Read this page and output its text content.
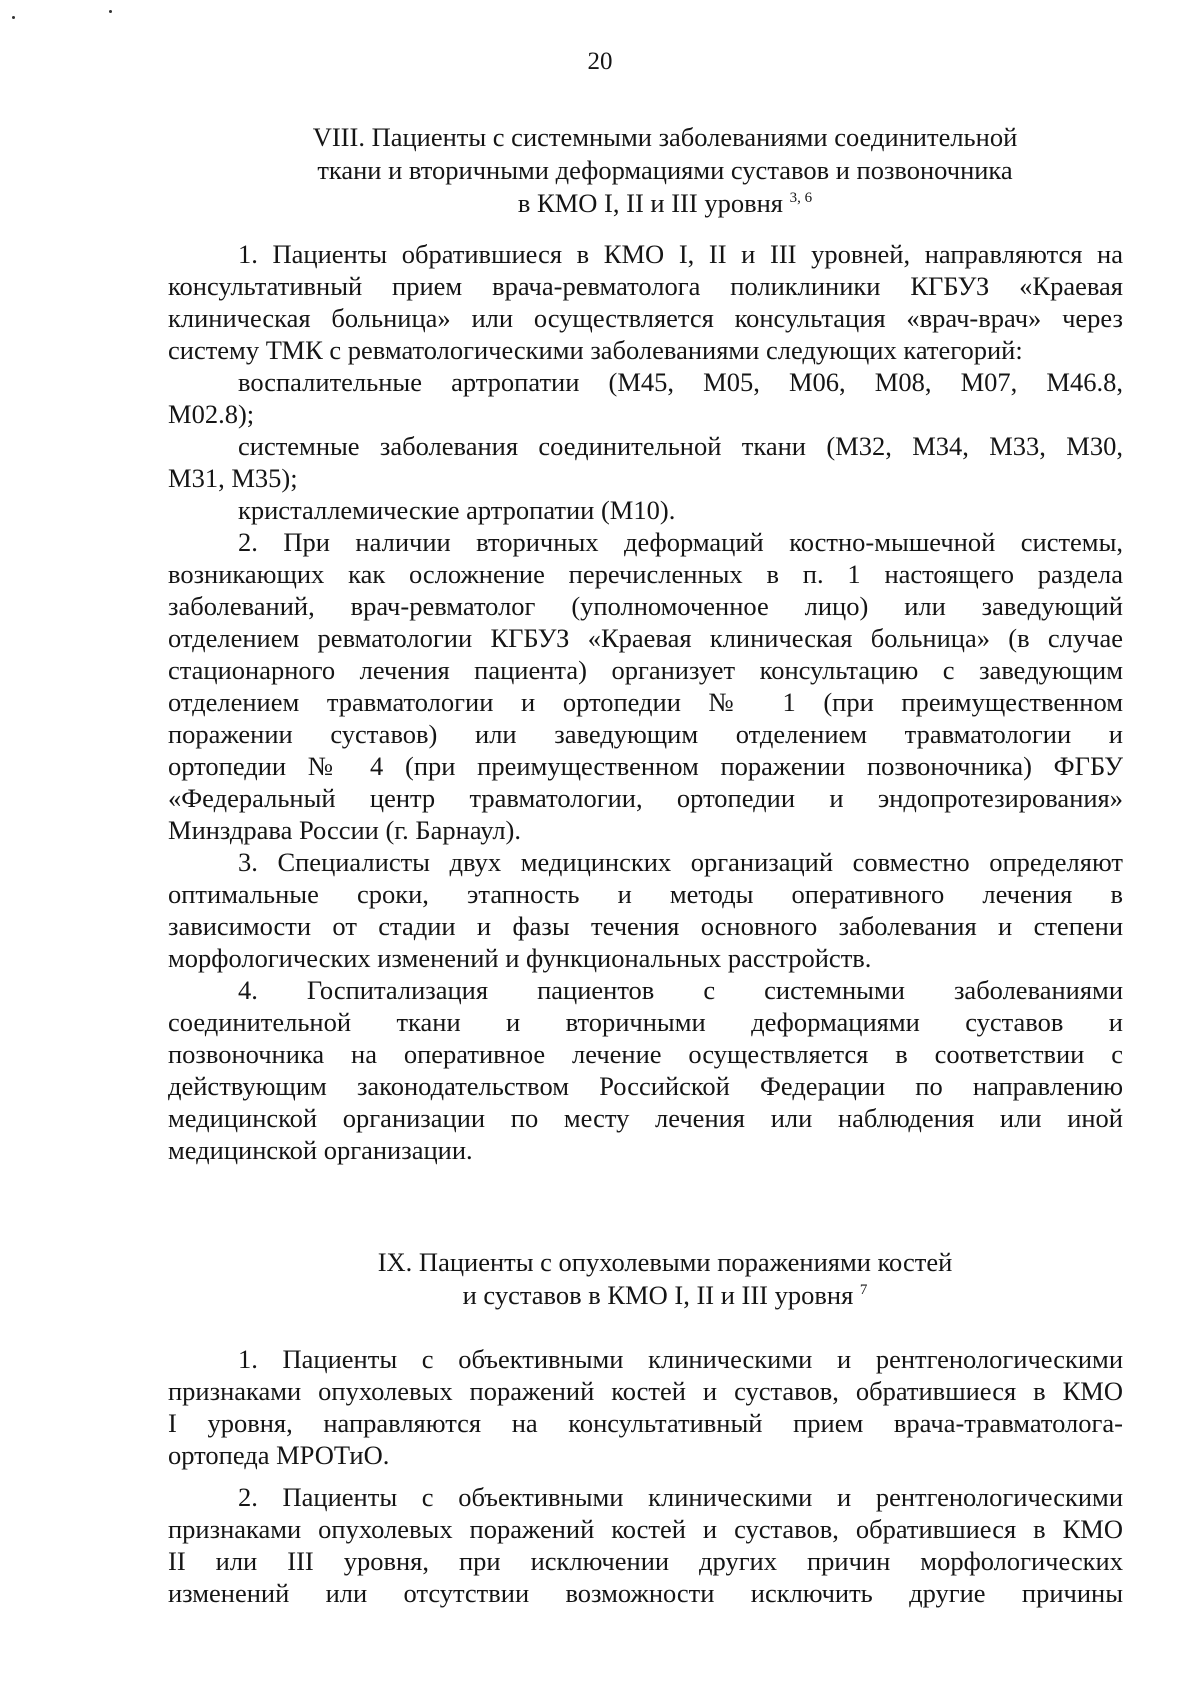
20
VIII. Пациенты с системными заболеваниями соединительной
ткани и вторичными деформациями суставов и позвоночника
в КМО I, II и III уровня $^{3, 6}$
1. Пациенты обратившиеся в КМО I, II и III уровней, направляются на
консультативный прием врача-ревматолога поликлиники КГБУЗ «Краевая
клиническая больница» или осуществляется консультация «врач-врач» через
систему ТМК с ревматологическими заболеваниями следующих категорий:
воспалительные артропатии (М45, М05, М06, М08, М07, М46.8,
М02.8);
системные заболевания соединительной ткани (М32, М34, М33, М30,
М31, М35);
кристаллемические артропатии (М10).
2. При наличии вторичных деформаций костно-мышечной системы,
возникающих как осложнение перечисленных в п. 1 настоящего раздела
заболеваний, врач-ревматолог (уполномоченное лицо) или заведующий
отделением ревматологии КГБУЗ «Краевая клиническая больница» (в случае
стационарного лечения пациента) организует консультацию с заведующим
отделением травматологии и ортопедии № 1 (при преимущественном
поражении суставов) или заведующим отделением травматологии и
ортопедии № 4 (при преимущественном поражении позвоночника) ФГБУ
«Федеральный центр травматологии, ортопедии и эндопротезирования»
Минздрава России (г. Барнаул).
3. Специалисты двух медицинских организаций совместно определяют
оптимальные сроки, этапность и методы оперативного лечения в
зависимости от стадии и фазы течения основного заболевания и степени
морфологических изменений и функциональных расстройств.
4. Госпитализация пациентов с системными заболеваниями
соединительной ткани и вторичными деформациями суставов и
позвоночника на оперативное лечение осуществляется в соответствии с
действующим законодательством Российской Федерации по направлению
медицинской организации по месту лечения или наблюдения или иной
медицинской организации.
IX. Пациенты с опухолевыми поражениями костей
и суставов в КМО I, II и III уровня $^7$
1. Пациенты с объективными клиническими и рентгенологическими
признаками опухолевых поражений костей и суставов, обратившиеся в КМО
I уровня, направляются на консультативный прием врача-травматолога-
ортопеда МРОТиО.
2. Пациенты с объективными клиническими и рентгенологическими
признаками опухолевых поражений костей и суставов, обратившиеся в КМО
II или III уровня, при исключении других причин морфологических
изменений или отсутствии возможности исключить другие причины
